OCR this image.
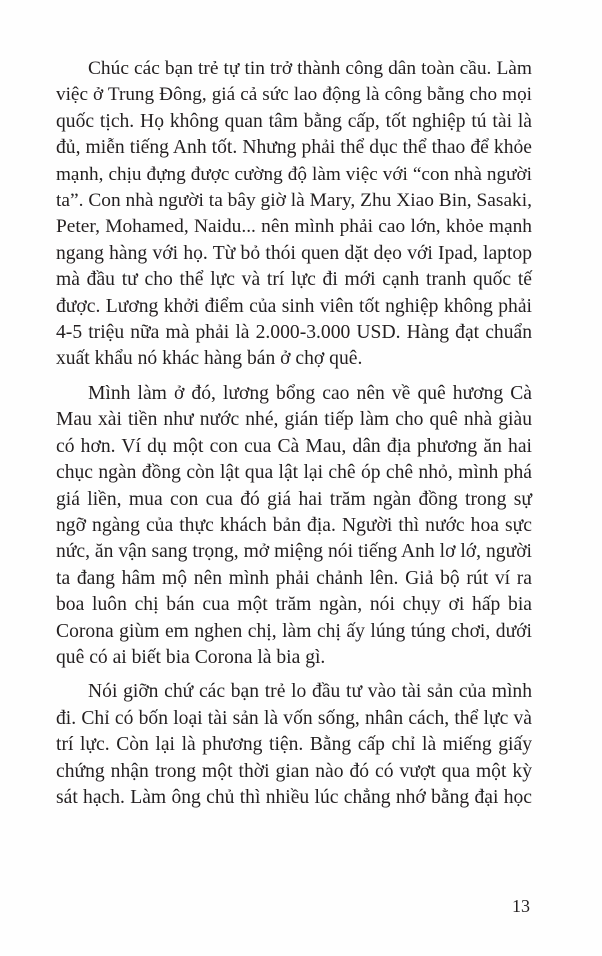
Chúc các bạn trẻ tự tin trở thành công dân toàn cầu. Làm
việc ở Trung Đông, giá cả sức lao động là công bằng cho mọi
quốc tịch. Họ không quan tâm bằng cấp, tốt nghiệp tú tài là
đủ, miễn tiếng Anh tốt. Nhưng phải thể dục thể thao để khỏe
mạnh, chịu đựng được cường độ làm việc với “con nhà người
ta”. Con nhà người ta bây giờ là Mary, Zhu Xiao Bin, Sasaki,
Peter, Mohamed, Naidu... nên mình phải cao lớn, khỏe mạnh
ngang hàng với họ. Từ bỏ thói quen dặt dẹo với Ipad, laptop
mà đầu tư cho thể lực và trí lực đi mới cạnh tranh quốc tế
được. Lương khởi điểm của sinh viên tốt nghiệp không phải
4-5 triệu nữa mà phải là 2.000-3.000 USD. Hàng đạt chuẩn
xuất khẩu nó khác hàng bán ở chợ quê.

Mình làm ở đó, lương bổng cao nên về quê hương Cà
Mau xài tiền như nước nhé, gián tiếp làm cho quê nhà giàu
có hơn. Ví dụ một con cua Cà Mau, dân địa phương ăn hai
chục ngàn đồng còn lật qua lật lại chê óp chê nhỏ, mình phá
giá liền, mua con cua đó giá hai trăm ngàn đồng trong sự
ngỡ ngàng của thực khách bản địa. Người thì nước hoa sực
nức, ăn vận sang trọng, mở miệng nói tiếng Anh lơ lớ, người
ta đang hâm mộ nên mình phải chảnh lên. Giả bộ rút ví ra
boa luôn chị bán cua một trăm ngàn, nói chụy ơi hấp bia
Corona giùm em nghen chị, làm chị ấy lúng túng chơi, dưới
quê có ai biết bia Corona là bia gì.

Nói giỡn chứ các bạn trẻ lo đầu tư vào tài sản của mình
đi. Chỉ có bốn loại tài sản là vốn sống, nhân cách, thể lực và
trí lực. Còn lại là phương tiện. Bằng cấp chỉ là miếng giấy
chứng nhận trong một thời gian nào đó có vượt qua một kỳ
sát hạch. Làm ông chủ thì nhiều lúc chẳng nhớ bằng đại học

13
